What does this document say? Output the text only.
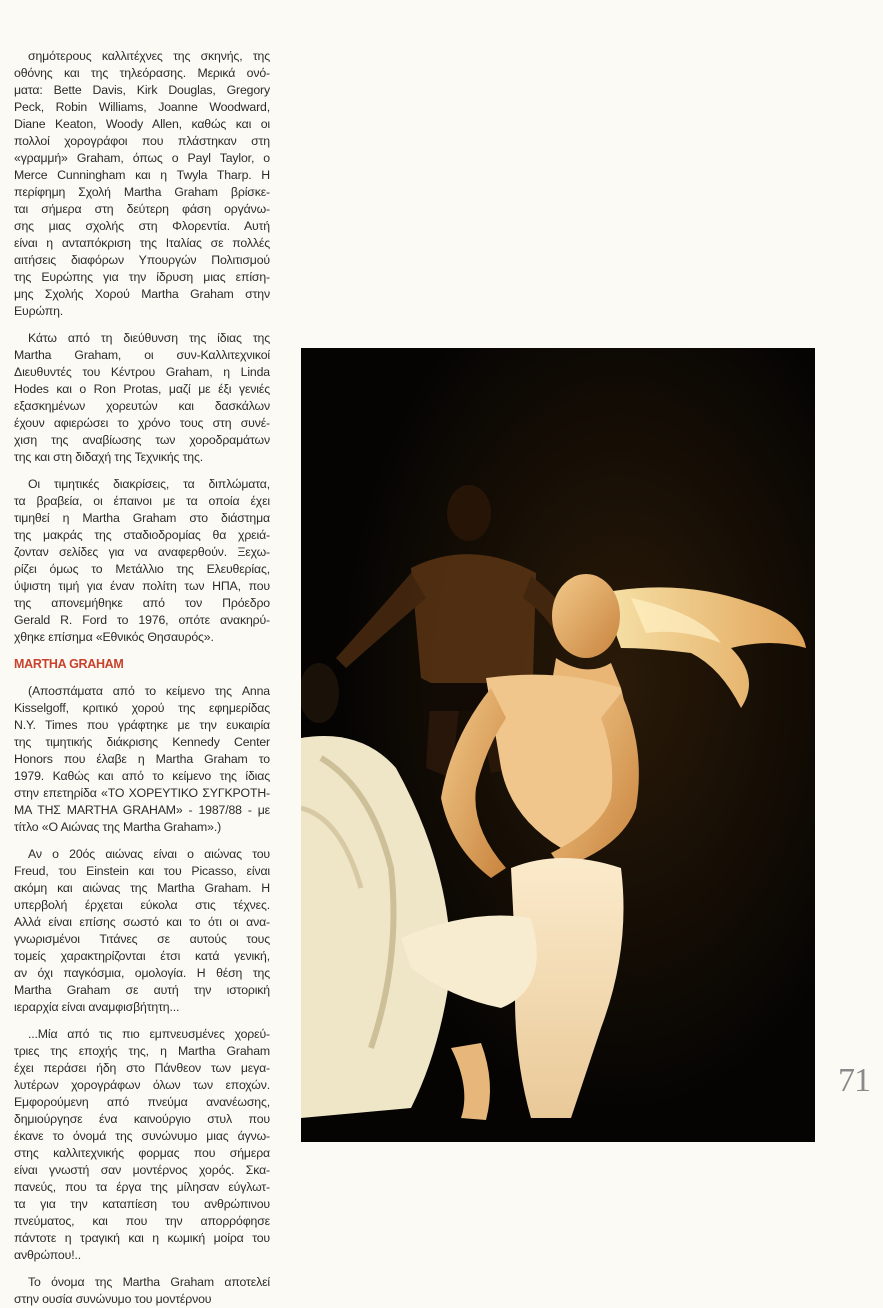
σημότερους καλλιτέχνες της σκηνής, της
οθόνης και της τηλεόρασης. Μερικά ονό-
ματα: Bette Davis, Kirk Douglas, Gregory
Peck, Robin Williams, Joanne Woodward,
Diane Keaton, Woody Allen, καθώς και οι
πολλοί χορογράφοι που πλάστηκαν στη
«γραμμή» Graham, όπως ο Payl Taylor, ο
Merce Cunningham και η Twyla Tharp. Η
περίφημη Σχολή Martha Graham βρίσκε-
ται σήμερα στη δεύτερη φάση οργάνω-
σης μιας σχολής στη Φλορεντία. Αυτή
είναι η ανταπόκριση της Ιταλίας σε πολλές
αιτήσεις διαφόρων Υπουργών Πολιτισμού
της Ευρώπης για την ίδρυση μιας επίση-
μης Σχολής Χορού Martha Graham στην
Ευρώπη.
Κάτω από τη διεύθυνση της ίδιας της
Martha Graham, οι συν-Καλλιτεχνικοί
Διευθυντές του Κέντρου Graham, η Linda
Hodes και ο Ron Protas, μαζί με έξι γενιές
εξασκημένων χορευτών και δασκάλων
έχουν αφιερώσει το χρόνο τους στη συνέ-
χιση της αναβίωσης των χοροδραμάτων
της και στη διδαχή της Τεχνικής της.
Οι τιμητικές διακρίσεις, τα διπλώματα,
τα βραβεία, οι έπαινοι με τα οποία έχει
τιμηθεί η Martha Graham στο διάστημα
της μακράς της σταδιοδρομίας θα χρειά-
ζονταν σελίδες για να αναφερθούν. Ξεχω-
ρίζει όμως το Μετάλλιο της Ελευθερίας,
ύψιστη τιμή για έναν πολίτη των ΗΠΑ, που
της απονεμήθηκε από τον Πρόεδρο
Gerald R. Ford το 1976, οπότε ανακηρύ-
χθηκε επίσημα «Εθνικός Θησαυρός».
MARTHA GRAHAM
(Αποσπάματα από το κείμενο της Anna
Kisselgoff, κριτικό χορού της εφημερίδας
N.Y. Times που γράφτηκε με την ευκαιρία
της τιμητικής διάκρισης Kennedy Center
Honors που έλαβε η Martha Graham το
1979. Καθώς και από το κείμενο της ίδιας
στην επετηρίδα «ΤΟ ΧΟΡΕΥΤΙΚΟ ΣΥΓΚΡΟΤΗ-
ΜΑ ΤΗΣ MARTHA GRAHAM» - 1987/88 - με
τίτλο «Ο Αιώνας της Martha Graham».)
Αν ο 20ός αιώνας είναι ο αιώνας του
Freud, του Einstein και του Picasso, είναι
ακόμη και αιώνας της Martha Graham. Η
υπερβολή έρχεται εύκολα στις τέχνες.
Αλλά είναι επίσης σωστό και το ότι οι ανα-
γνωρισμένοι Τιτάνες σε αυτούς τους
τομείς χαρακτηρίζονται έτσι κατά γενική,
αν όχι παγκόσμια, ομολογία. Η θέση της
Martha Graham σε αυτή την ιστορική
ιεραρχία είναι αναμφισβήτητη...
...Μία από τις πιο εμπνευσμένες χορεύ-
τριες της εποχής της, η Martha Graham
έχει περάσει ήδη στο Πάνθεον των μεγα-
λυτέρων χορογράφων όλων των εποχών.
Εμφορούμενη από πνεύμα ανανέωσης,
δημιούργησε ένα καινούργιο στυλ που
έκανε το όνομά της συνώνυμο μιας άγνω-
στης καλλιτεχνικής φορμας που σήμερα
είναι γνωστή σαν μοντέρνος χορός. Σκα-
πανεύς, που τα έργα της μίλησαν εύγλωτ-
τα για την καταπίεση του ανθρώπινου
πνεύματος, και που την απορρόφησε
πάντοτε η τραγική και η κωμική μοίρα του
ανθρώπου!..
Το όνομα της Martha Graham αποτελεί
στην ουσία συνώνυμο του μοντέρνου
71
